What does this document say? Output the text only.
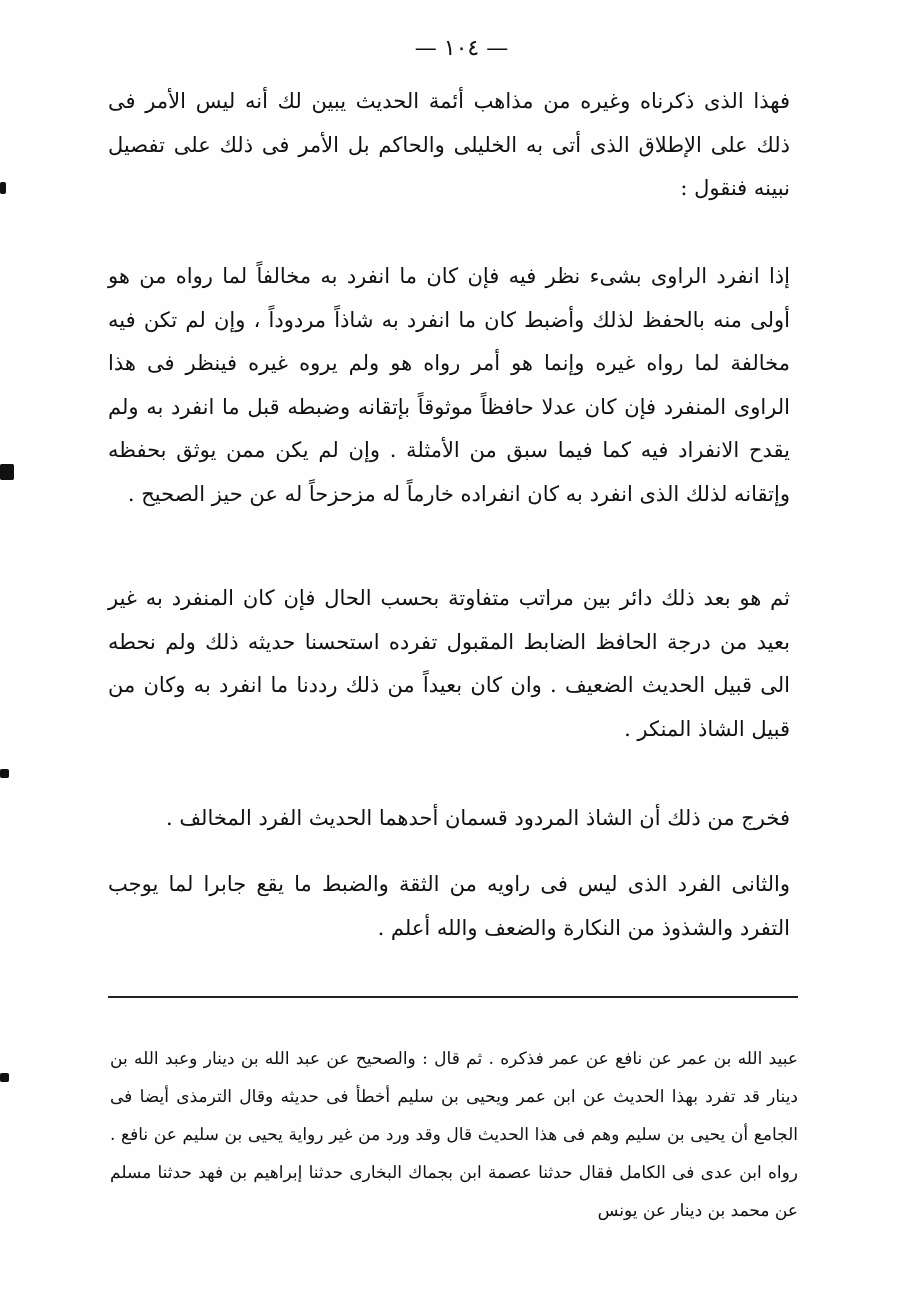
— ١٠٤ —
فهذا الذى ذكرناه وغيره من مذاهب أئمة الحديث يبين لك أنه ليس الأمر فى ذلك على الإطلاق الذى أتى به الخليلى والحاكم بل الأمر فى ذلك على تفصيل نبينه فنقول :
إذا انفرد الراوى بشىء نظر فيه فإن كان ما انفرد به مخالفاً لما رواه من هو أولى منه بالحفظ لذلك وأضبط كان ما انفرد به شاذاً مردوداً ، وإن لم تكن فيه مخالفة لما رواه غيره وإنما هو أمر رواه هو ولم يروه غيره فينظر فى هذا الراوى المنفرد فإن كان عدلا حافظاً موثوقاً بإتقانه وضبطه قبل ما انفرد به ولم يقدح الانفراد فيه كما فيما سبق من الأمثلة . وإن لم يكن ممن يوثق بحفظه وإتقانه لذلك الذى انفرد به كان انفراده خارماً له مزحزحاً له عن حيز الصحيح .
ثم هو بعد ذلك دائر بين مراتب متفاوتة بحسب الحال فإن كان المنفرد به غير بعيد من درجة الحافظ الضابط المقبول تفرده استحسنا حديثه ذلك ولم نحطه الى قبيل الحديث الضعيف . وان كان بعيداً من ذلك رددنا ما انفرد به وكان من قبيل الشاذ المنكر .
فخرج من ذلك أن الشاذ المردود قسمان أحدهما الحديث الفرد المخالف .
والثانى الفرد الذى ليس فى راويه من الثقة والضبط ما يقع جابرا لما يوجب التفرد والشذوذ من النكارة والضعف والله أعلم .
عبيد الله بن عمر عن نافع عن عمر فذكره . ثم قال : والصحيح عن عبد الله بن دينار وعبد الله بن دينار قد تفرد بهذا الحديث عن ابن عمر ويحيى بن سليم أخطأ فى حديثه وقال الترمذى أيضا فى الجامع أن يحيى بن سليم وهم فى هذا الحديث قال وقد ورد من غير رواية يحيى بن سليم عن نافع . رواه ابن عدى فى الكامل فقال حدثنا عصمة ابن بجماك البخارى حدثنا إبراهيم بن فهد حدثنا مسلم عن محمد بن دينار عن يونس
